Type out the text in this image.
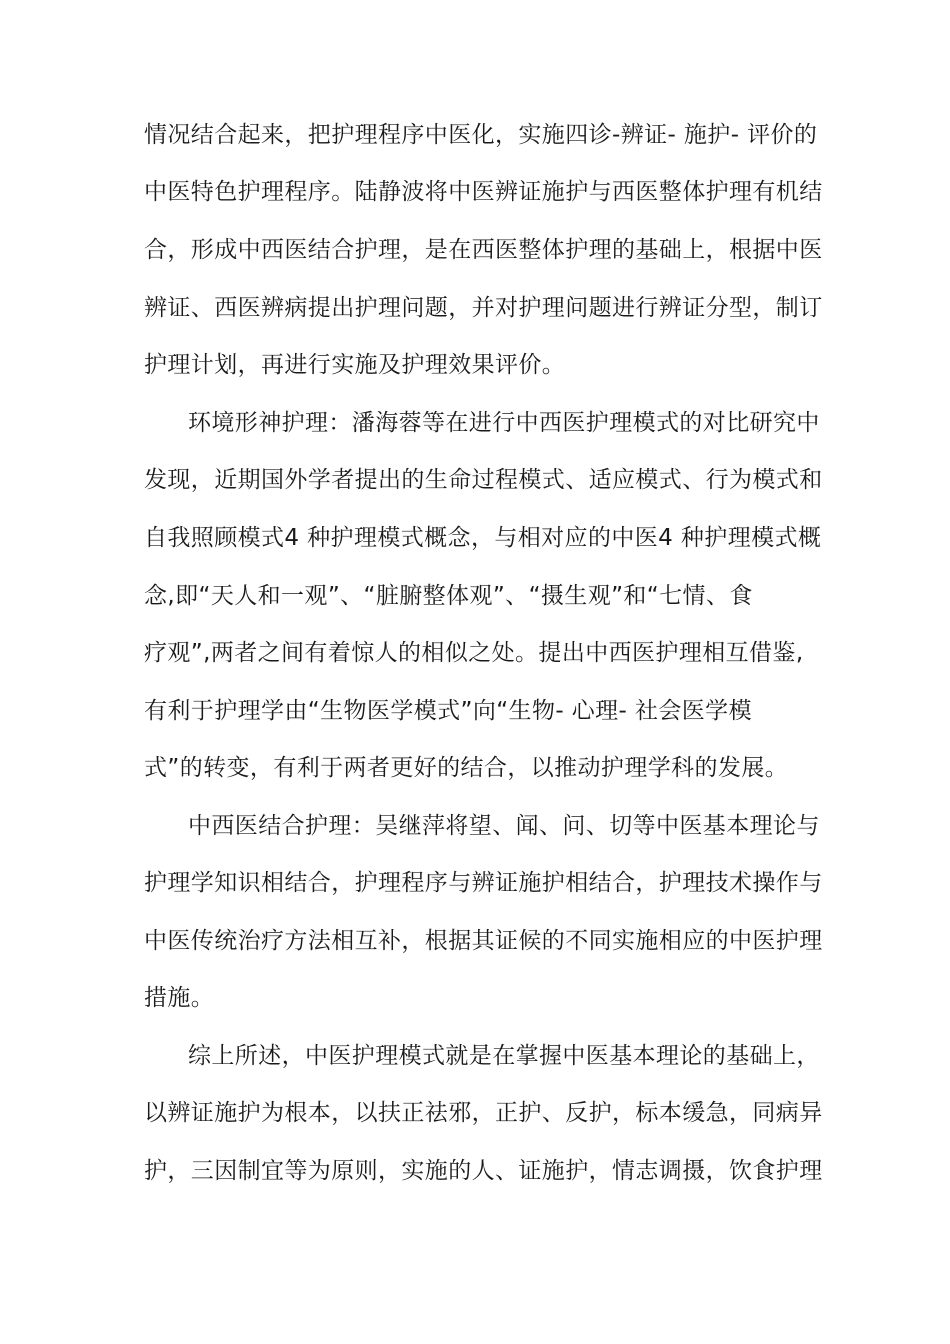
情况结合起来，把护理程序中医化，实施四诊-辨证- 施护- 评价的
中医特色护理程序。陆静波将中医辨证施护与西医整体护理有机结
合，形成中西医结合护理，是在西医整体护理的基础上，根据中医
辨证、西医辨病提出护理问题，并对护理问题进行辨证分型，制订
护理计划，再进行实施及护理效果评价。
环境形神护理：潘海蓉等在进行中西医护理模式的对比研究中
发现，近期国外学者提出的生命过程模式、适应模式、行为模式和
自我照顾模式4 种护理模式概念，与相对应的中医4 种护理模式概
念,即“天人和一观”、“脏腑整体观”、“摄生观”和“七情、食
疗观”,两者之间有着惊人的相似之处。提出中西医护理相互借鉴,
有利于护理学由“生物医学模式”向“生物- 心理- 社会医学模
式”的转变，有利于两者更好的结合，以推动护理学科的发展。
中西医结合护理：吴继萍将望、闻、问、切等中医基本理论与
护理学知识相结合，护理程序与辨证施护相结合，护理技术操作与
中医传统治疗方法相互补，根据其证候的不同实施相应的中医护理
措施。
综上所述，中医护理模式就是在掌握中医基本理论的基础上，
以辨证施护为根本，以扶正祛邪，正护、反护，标本缓急，同病异
护，三因制宜等为原则，实施的人、证施护，情志调摄，饮食护理
